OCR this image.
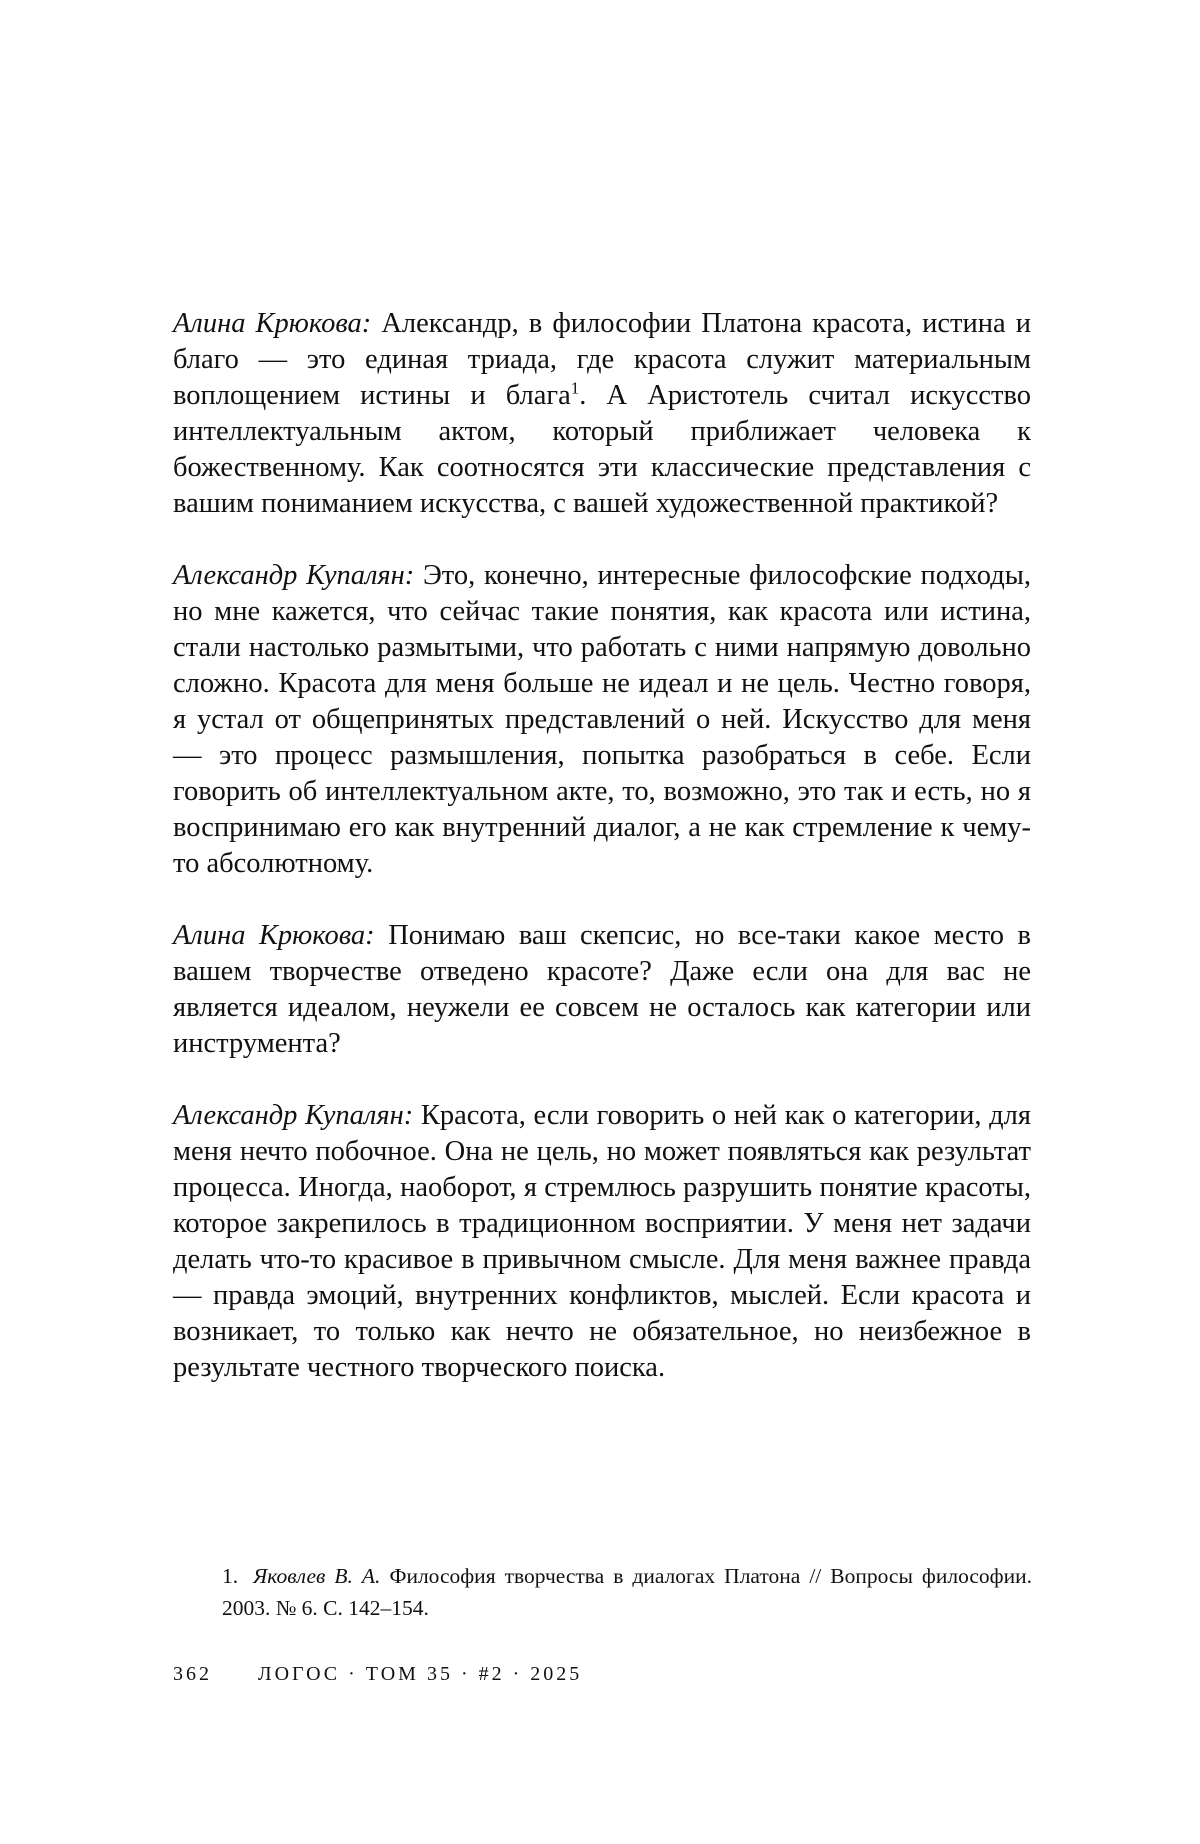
Алина Крюкова: Александр, в философии Платона красота, истина и благо — это единая триада, где красота служит материальным воплощением истины и блага$^1$. А Аристотель считал искусство интеллектуальным актом, который приближает человека к божественному. Как соотносятся эти классические представления с вашим пониманием искусства, с вашей художественной практикой?

Александр Купалян: Это, конечно, интересные философские подходы, но мне кажется, что сейчас такие понятия, как красота или истина, стали настолько размытыми, что работать с ними напрямую довольно сложно. Красота для меня больше не идеал и не цель. Честно говоря, я устал от общепринятых представлений о ней. Искусство для меня — это процесс размышления, попытка разобраться в себе. Если говорить об интеллектуальном акте, то, возможно, это так и есть, но я воспринимаю его как внутренний диалог, а не как стремление к чему-то абсолютному.

Алина Крюкова: Понимаю ваш скепсис, но все-таки какое место в вашем творчестве отведено красоте? Даже если она для вас не является идеалом, неужели ее совсем не осталось как категории или инструмента?

Александр Купалян: Красота, если говорить о ней как о категории, для меня нечто побочное. Она не цель, но может появляться как результат процесса. Иногда, наоборот, я стремлюсь разрушить понятие красоты, которое закрепилось в традиционном восприятии. У меня нет задачи делать что-то красивое в привычном смысле. Для меня важнее правда — правда эмоций, внутренних конфликтов, мыслей. Если красота и возникает, то только как нечто не обязательное, но неизбежное в результате честного творческого поиска.

1. Яковлев В. А. Философия творчества в диалогах Платона // Вопросы философии. 2003. № 6. С. 142–154.

362 ЛОГОС · ТОМ 35 · #2 · 2025
